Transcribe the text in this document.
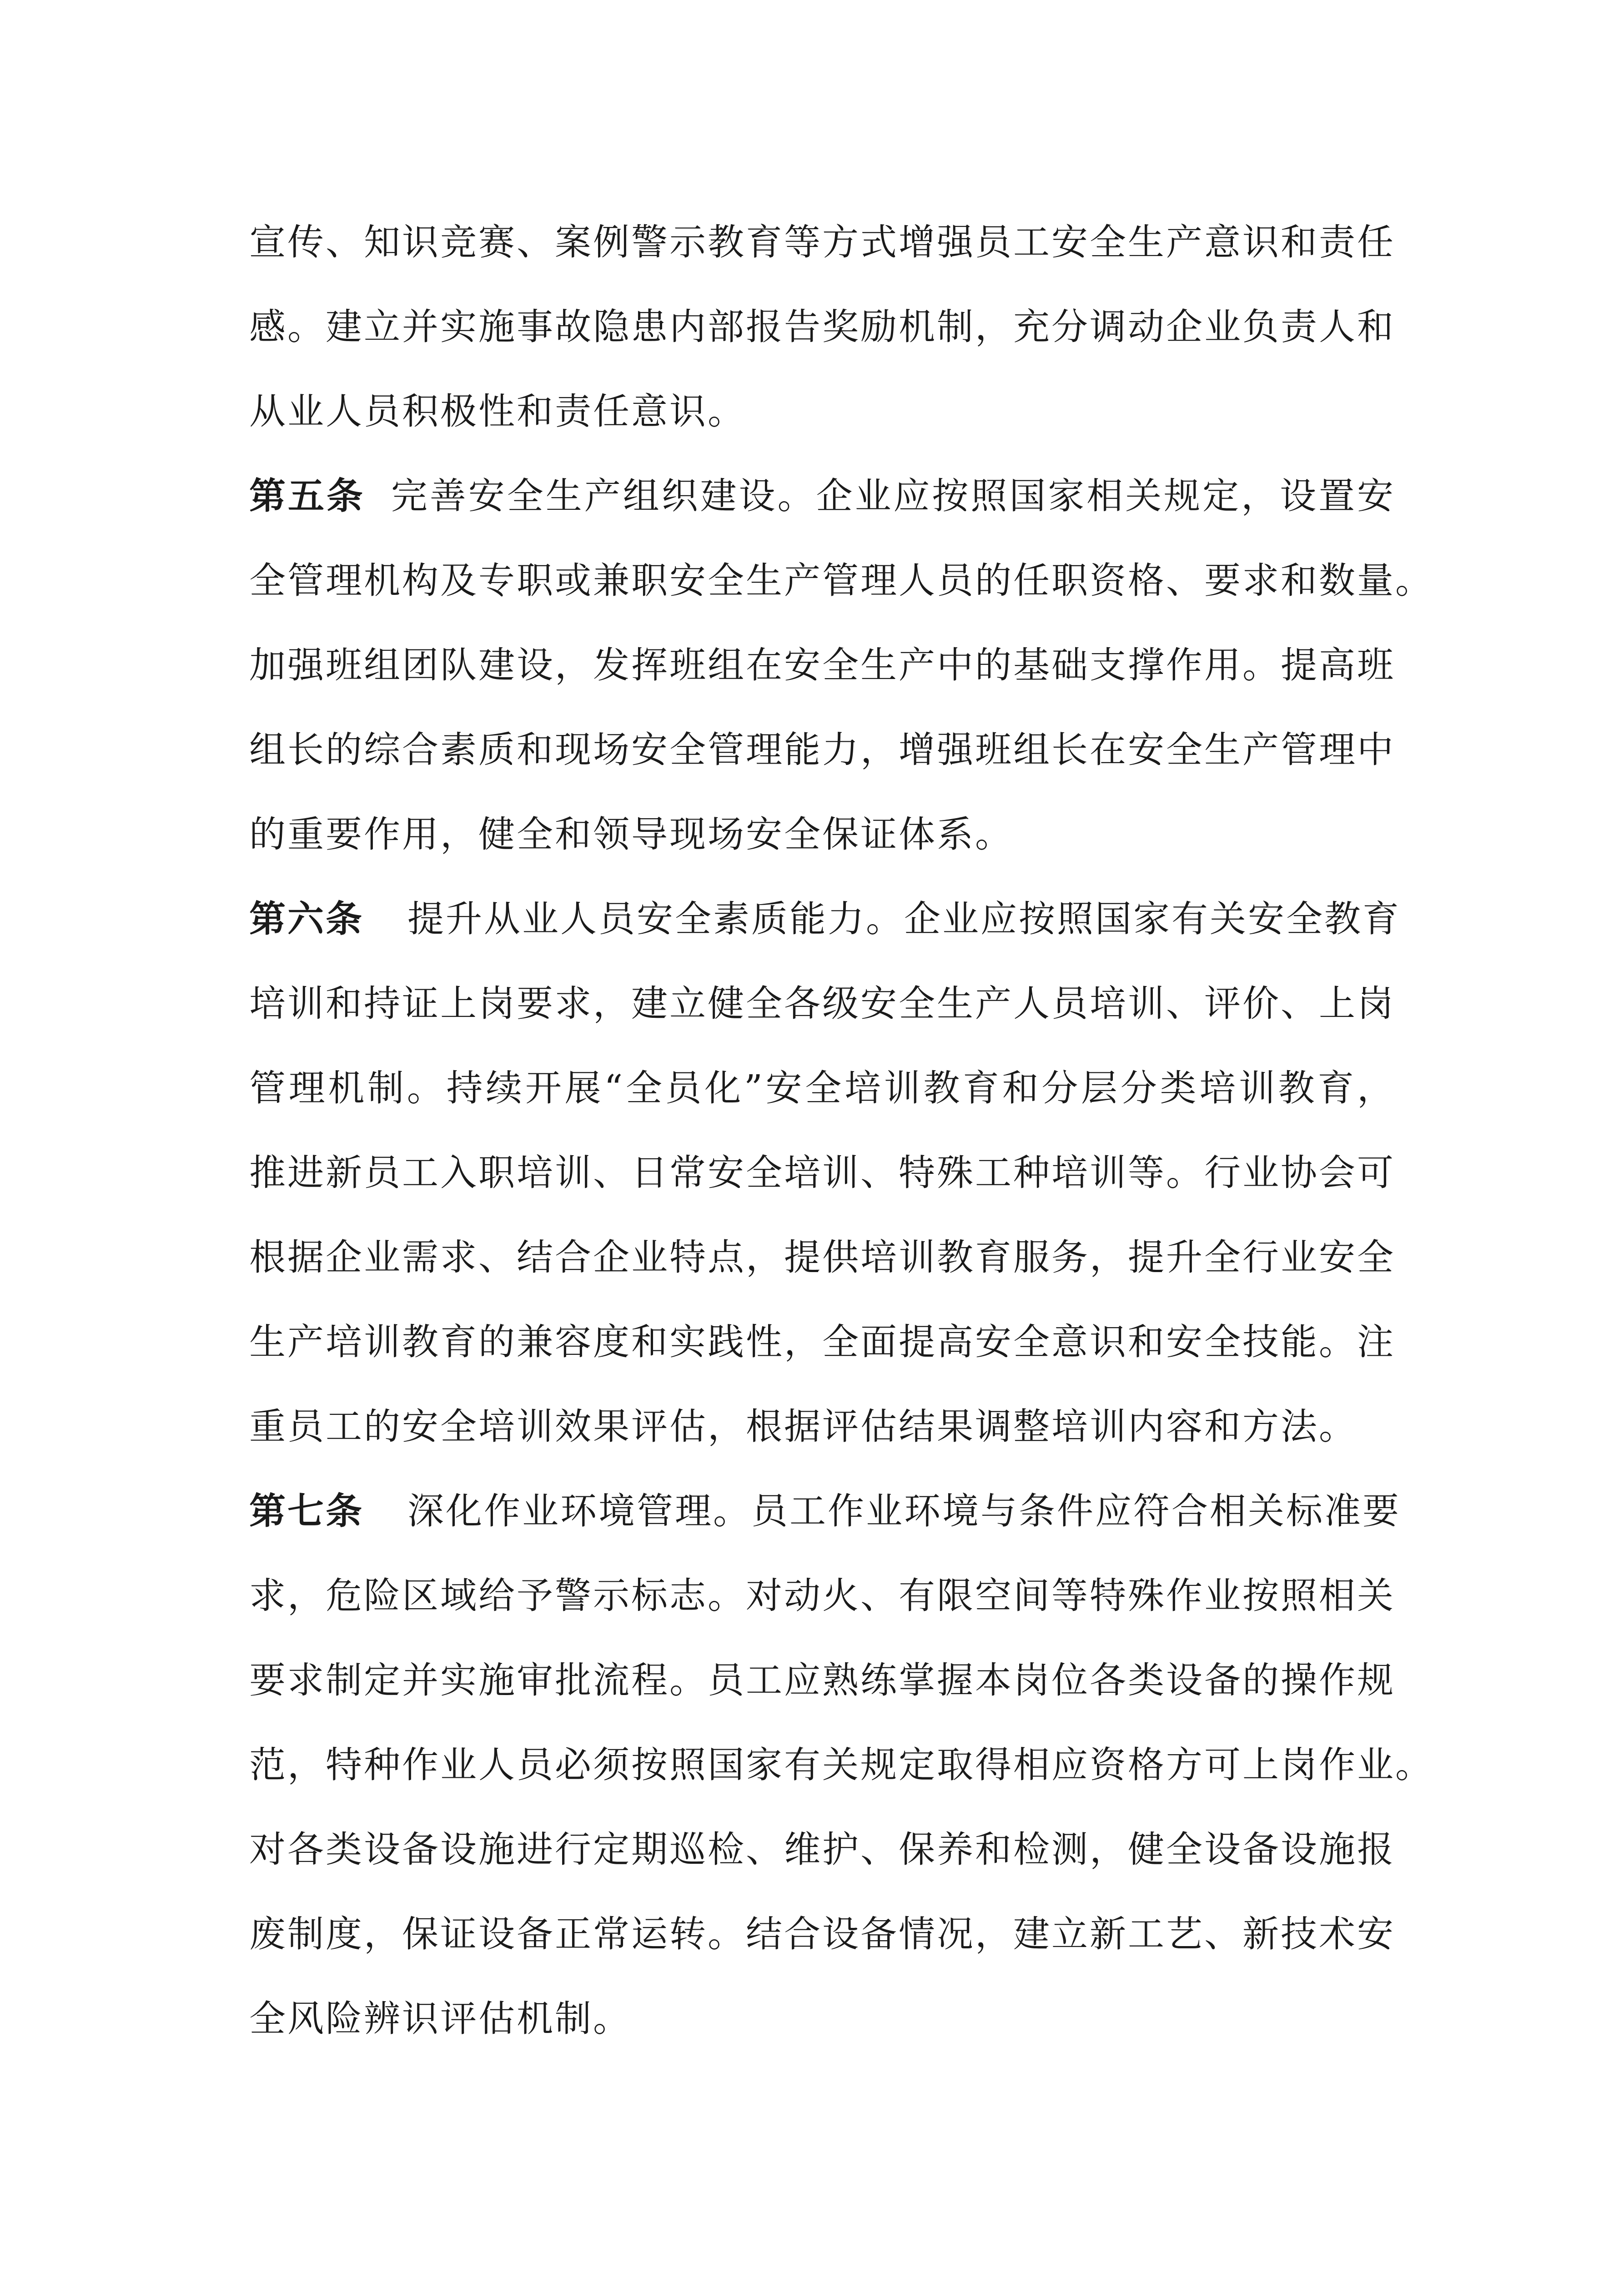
宣传、知识竞赛、案例警示教育等方式增强员工安全生产意识和责任
感。建立并实施事故隐患内部报告奖励机制，充分调动企业负责人和
从业人员积极性和责任意识。
第五条 完善安全生产组织建设。企业应按照国家相关规定，设置安
全管理机构及专职或兼职安全生产管理人员的任职资格、要求和数量。
加强班组团队建设，发挥班组在安全生产中的基础支撑作用。提高班
组长的综合素质和现场安全管理能力，增强班组长在安全生产管理中
的重要作用，健全和领导现场安全保证体系。
第六条 提升从业人员安全素质能力。企业应按照国家有关安全教育
培训和持证上岗要求，建立健全各级安全生产人员培训、评价、上岗
管理机制。持续开展“全员化”安全培训教育和分层分类培训教育，
推进新员工入职培训、日常安全培训、特殊工种培训等。行业协会可
根据企业需求、结合企业特点，提供培训教育服务，提升全行业安全
生产培训教育的兼容度和实践性，全面提高安全意识和安全技能。注
重员工的安全培训效果评估，根据评估结果调整培训内容和方法。
第七条 深化作业环境管理。员工作业环境与条件应符合相关标准要
求，危险区域给予警示标志。对动火、有限空间等特殊作业按照相关
要求制定并实施审批流程。员工应熟练掌握本岗位各类设备的操作规
范，特种作业人员必须按照国家有关规定取得相应资格方可上岗作业。
对各类设备设施进行定期巡检、维护、保养和检测，健全设备设施报
废制度，保证设备正常运转。结合设备情况，建立新工艺、新技术安
全风险辨识评估机制。
